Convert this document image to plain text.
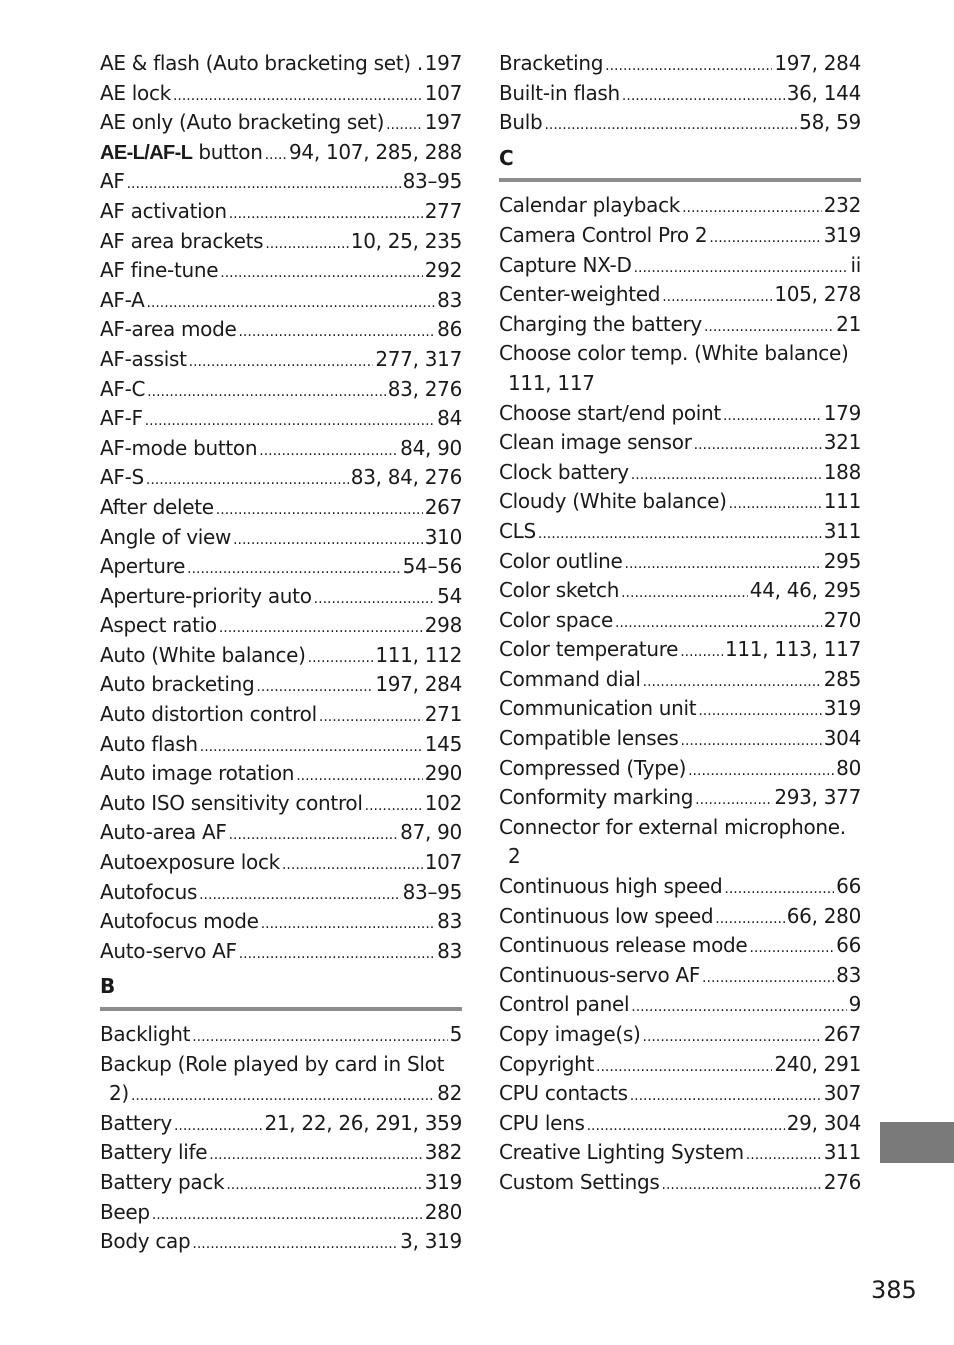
AE & flash (Auto bracketing set) . 197
AE lock .....	107
AE only (Auto bracketing set) ..... 197
AE-L/AF-L button ..... 94, 107, 285, 288
AF .....	83–95
AF activation .....	277
AF area brackets .....	10, 25, 235
AF fine-tune .....	292
AF-A .....	83
AF-area mode .....	86
AF-assist .....	277, 317
AF-C .....	83, 276
AF-F .....	84
AF-mode button .....	84, 90
AF-S .....	83, 84, 276
After delete .....	267
Angle of view .....	310
Aperture .....	54–56
Aperture-priority auto .....	54
Aspect ratio .....	298
Auto (White balance) .....	111, 112
Auto bracketing .....	197, 284
Auto distortion control .....	271
Auto flash .....	145
Auto image rotation .....	290
Auto ISO sensitivity control .....	102
Auto-area AF .....	87, 90
Autoexposure lock .....	107
Autofocus .....	83–95
Autofocus mode .....	83
Auto-servo AF .....	83
B
Backlight .....	5
Backup (Role played by card in Slot
2) .....	82
Battery .....	21, 22, 26, 291, 359
Battery life .....	382
Battery pack .....	319
Beep .....	280
Body cap .....	3, 319
Bracketing .....	197, 284
Built-in flash .....	36, 144
Bulb .....	58, 59
C
Calendar playback .....	232
Camera Control Pro 2 .....	319
Capture NX-D .....	ii
Center-weighted .....	105, 278
Charging the battery .....	21
Choose color temp. (White balance)
111, 117
Choose start/end point .....	179
Clean image sensor .....	321
Clock battery .....	188
Cloudy (White balance) .....	111
CLS .....	311
Color outline .....	295
Color sketch .....	44, 46, 295
Color space .....	270
Color temperature ..... 111, 113, 117
Command dial .....	285
Communication unit .....	319
Compatible lenses .....	304
Compressed (Type) .....	80
Conformity marking .....	293, 377
Connector for external microphone.
2
Continuous high speed .....	66
Continuous low speed .....	66, 280
Continuous release mode .....	66
Continuous-servo AF .....	83
Control panel .....	9
Copy image(s) .....	267
Copyright .....	240, 291
CPU contacts .....	307
CPU lens .....	29, 304
Creative Lighting System .....	311
Custom Settings .....	276
385
